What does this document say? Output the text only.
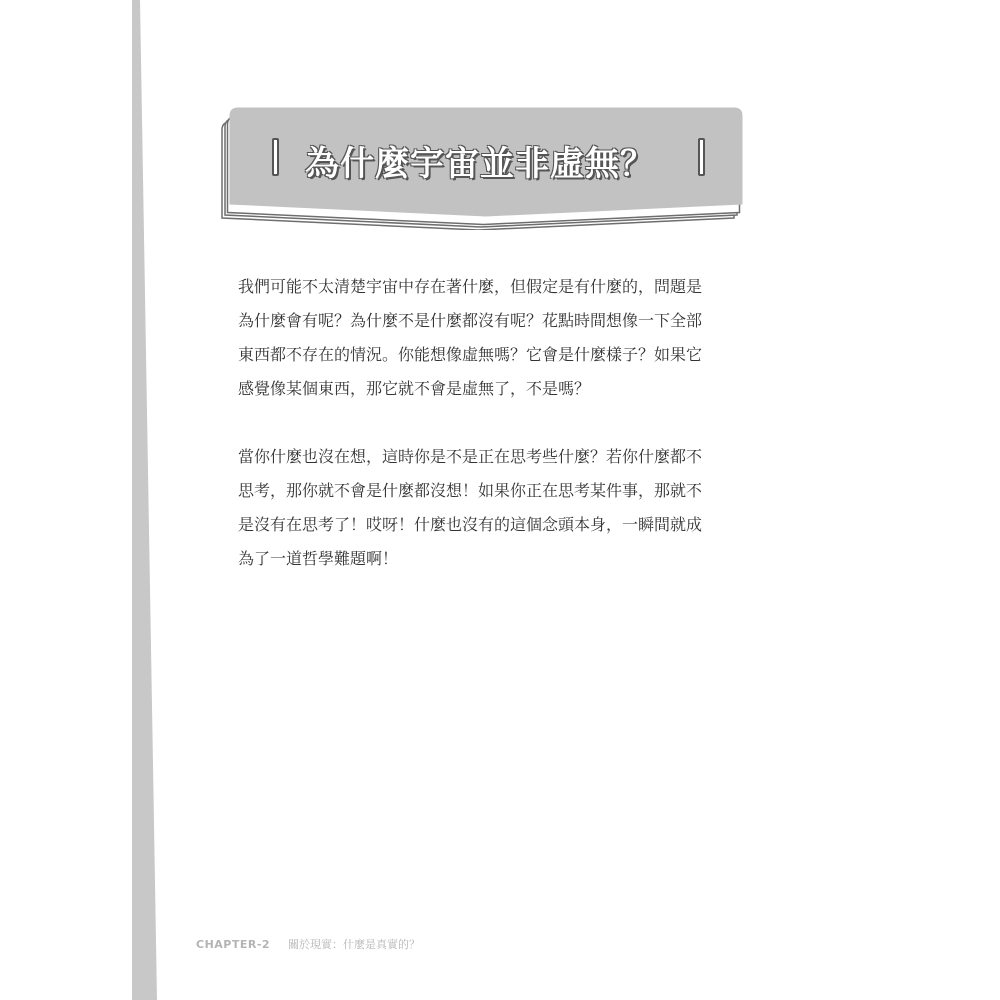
為什麼宇宙並非虛無？

我們可能不太清楚宇宙中存在著什麼，但假定是有什麼的，問題是
為什麼會有呢？為什麼不是什麼都沒有呢？花點時間想像一下全部
東西都不存在的情況。你能想像虛無嗎？它會是什麼樣子？如果它
感覺像某個東西，那它就不會是虛無了，不是嗎？

當你什麼也沒在想，這時你是不是正在思考些什麼？若你什麼都不
思考，那你就不會是什麼都沒想！如果你正在思考某件事，那就不
是沒有在思考了！哎呀！什麼也沒有的這個念頭本身，一瞬間就成
為了一道哲學難題啊！

CHAPTER-2 關於現實：什麼是真實的？
